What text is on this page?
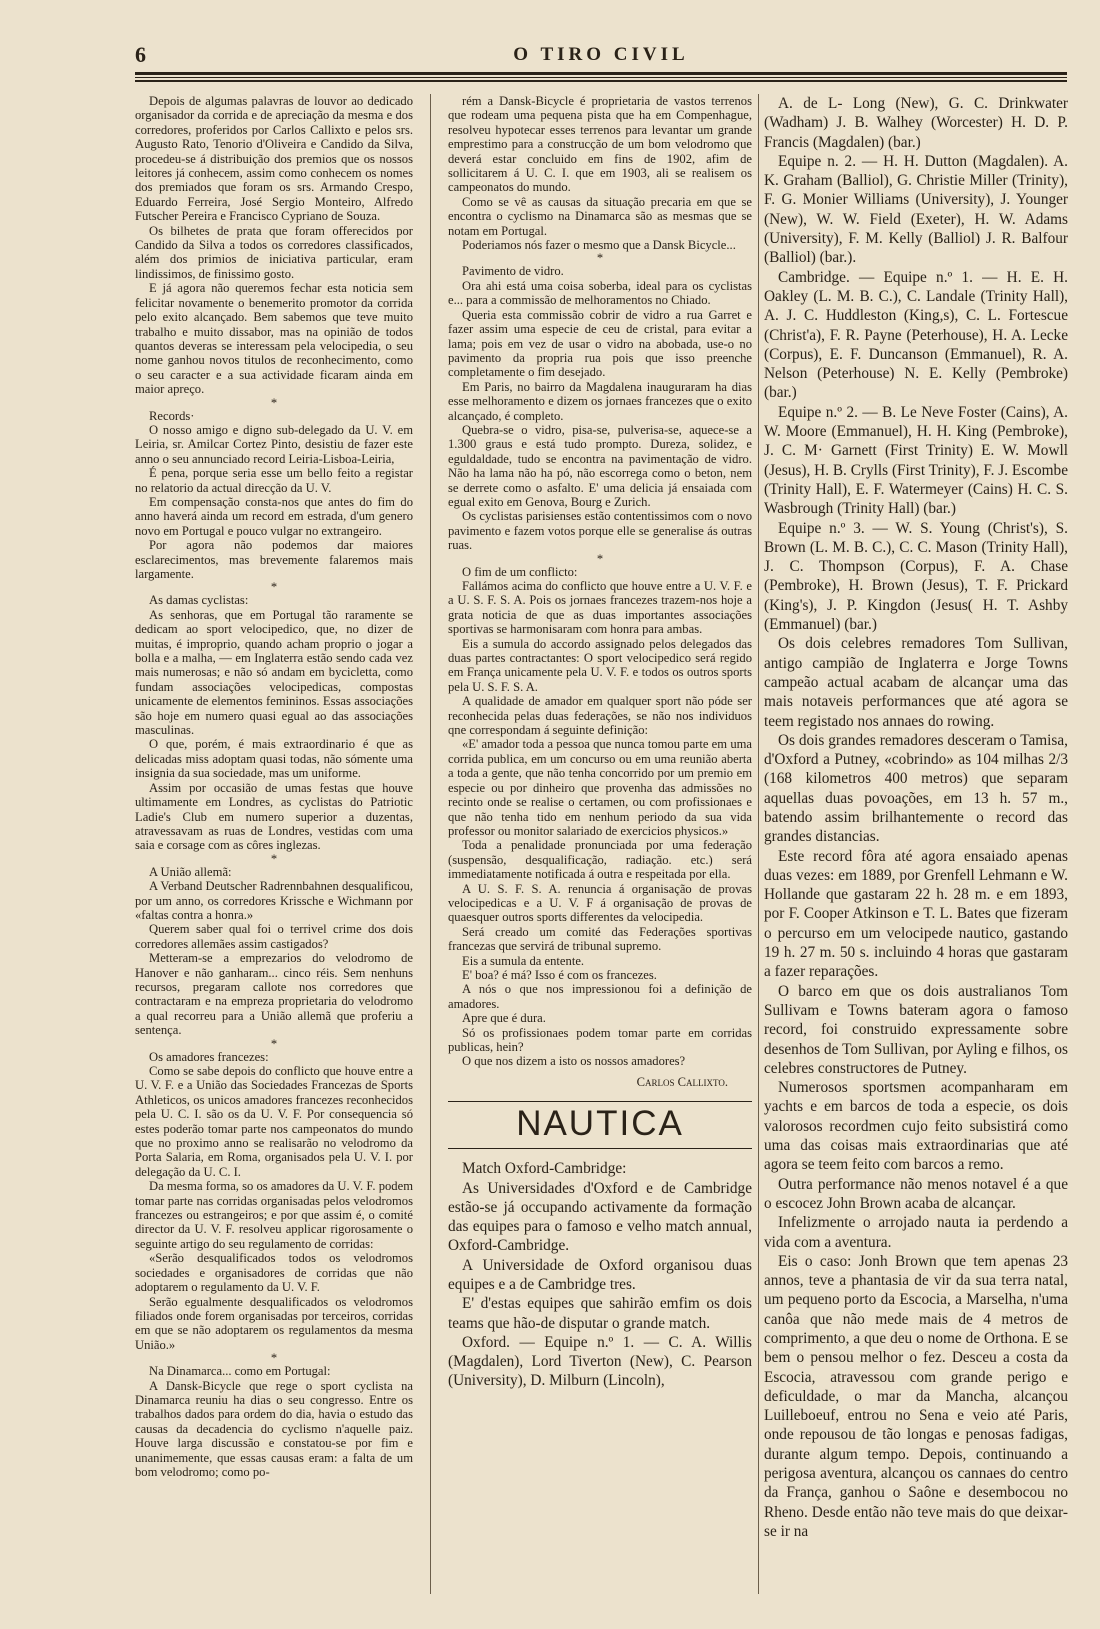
6	O TIRO CIVIL

Depois de algumas palavras de louvor ao dedicado organisador da corrida e de apreciação da mesma e dos corredores, proferidos por Carlos Callixto e pelos srs. Augusto Rato, Tenorio d'Oliveira e Candido da Silva, procedeu-se á distribuição dos premios que os nossos leitores já conhecem, assim como conhecem os nomes dos premiados que foram os srs. Armando Crespo, Eduardo Ferreira, José Sergio Monteiro, Alfredo Futscher Pereira e Francisco Cypriano de Souza.

Os bilhetes de prata que foram offerecidos por Candido da Silva a todos os corredores classificados, além dos primios de iniciativa particular, eram lindissimos, de finissimo gosto.

E já agora não queremos fechar esta noticia sem felicitar novamente o benemerito promotor da corrida pelo exito alcançado. Bem sabemos que teve muito trabalho e muito dissabor, mas na opinião de todos quantos deveras se interessam pela velocipedia, o seu nome ganhou novos titulos de reconhecimento, como o seu caracter e a sua actividade ficaram ainda em maior apreço.

*

Records·

O nosso amigo e digno sub-delegado da U. V. em Leiria, sr. Amilcar Cortez Pinto, desistiu de fazer este anno o seu annunciado record Leiria-Lisboa-Leiria,

É pena, porque seria esse um bello feito a registar no relatorio da actual direcção da U. V.

Em compensação consta-nos que antes do fim do anno haverá ainda um record em estrada, d'um genero novo em Portugal e pouco vulgar no extrangeiro.

Por agora não podemos dar maiores esclarecimentos, mas brevemente falaremos mais largamente.

*

As damas cyclistas:

As senhoras, que em Portugal tão raramente se dedicam ao sport velocipedico, que, no dizer de muitas, é improprio, quando acham proprio o jogar a bolla e a malha, — em Inglaterra estão sendo cada vez mais numerosas; e não só andam em bycicletta, como fundam associações velocipedicas, compostas unicamente de elementos femininos. Essas associações são hoje em numero quasi egual ao das associações masculinas.

O que, porém, é mais extraordinario é que as delicadas miss adoptam quasi todas, não sómente uma insignia da sua sociedade, mas um uniforme.

Assim por occasião de umas festas que houve ultimamente em Londres, as cyclistas do Patriotic Ladie's Club em numero superior a duzentas, atravessavam as ruas de Londres, vestidas com uma saia e corsage com as côres inglezas.

*

A União allemã:

A Verband Deutscher Radrennbahnen desqualificou, por um anno, os corredores Krissche e Wichmann por «faltas contra a honra.»

Querem saber qual foi o terrivel crime dos dois corredores allemães assim castigados?

Metteram-se a emprezarios do velodromo de Hanover e não ganharam... cinco réis. Sem nenhuns recursos, pregaram callote nos corredores que contractaram e na empreza proprietaria do velodromo a qual recorreu para a União allemã que proferiu a sentença.

*

Os amadores francezes:

Como se sabe depois do conflicto que houve entre a U. V. F. e a União das Sociedades Francezas de Sports Athleticos, os unicos amadores francezes reconhecidos pela U. C. I. são os da U. V. F. Por consequencia só estes poderão tomar parte nos campeonatos do mundo que no proximo anno se realisarão no velodromo da Porta Salaria, em Roma, organisados pela U. V. I. por delegação da U. C. I.

Da mesma forma, so os amadores da U. V. F. podem tomar parte nas corridas organisadas pelos velodromos francezes ou estrangeiros; e por que assim é, o comité director da U. V. F. resolveu applicar rigorosamente o seguinte artigo do seu regulamento de corridas:

«Serão desqualificados todos os velodromos sociedades e organisadores de corridas que não adoptarem o regulamento da U. V. F.

Serão egualmente desqualificados os velodromos filiados onde forem organisadas por terceiros, corridas em que se não adoptarem os regulamentos da mesma União.»

*

Na Dinamarca... como em Portugal:

A Dansk-Bicycle que rege o sport cyclista na Dinamarca reuniu ha dias o seu congresso. Entre os trabalhos dados para ordem do dia, havia o estudo das causas da decadencia do cyclismo n'aquelle paiz. Houve larga discussão e constatou-se por fim e unanimemente, que essas causas eram: a falta de um bom velodromo; como po-

rém a Dansk-Bicycle é proprietaria de vastos terrenos que rodeam uma pequena pista que ha em Compenhague, resolveu hypotecar esses terrenos para levantar um grande emprestimo para a construcção de um bom velodromo que deverá estar concluido em fins de 1902, afim de sollicitarem á U. C. I. que em 1903, ali se realisem os campeonatos do mundo.

Como se vê as causas da situação precaria em que se encontra o cyclismo na Dinamarca são as mesmas que se notam em Portugal.

Poderiamos nós fazer o mesmo que a Dansk Bicycle...

*

Pavimento de vidro.

Ora ahi está uma coisa soberba, ideal para os cyclistas e... para a commissão de melhoramentos no Chiado.

Queria esta commissão cobrir de vidro a rua Garret e fazer assim uma especie de ceu de cristal, para evitar a lama; pois em vez de usar o vidro na abobada, use-o no pavimento da propria rua pois que isso preenche completamente o fim desejado.

Em Paris, no bairro da Magdalena inauguraram ha dias esse melhoramento e dizem os jornaes francezes que o exito alcançado, é completo.

Quebra-se o vidro, pisa-se, pulverisa-se, aquece-se a 1.300 graus e está tudo prompto. Dureza, solidez, e eguldaldade, tudo se encontra na pavimentação de vidro. Não ha lama não ha pó, não escorrega como o beton, nem se derrete como o asfalto. E' uma delicia já ensaiada com egual exito em Genova, Bourg e Zurich.

Os cyclistas parisienses estão contentissimos com o novo pavimento e fazem votos porque elle se generalise ás outras ruas.

*

O fim de um conflicto:

Fallámos acima do conflicto que houve entre a U. V. F. e a U. S. F. S. A. Pois os jornaes francezes trazem-nos hoje a grata noticia de que as duas importantes associações sportivas se harmonisaram com honra para ambas.

Eis a sumula do accordo assignado pelos delegados das duas partes contractantes: O sport velocipedico será regido em França unicamente pela U. V. F. e todos os outros sports pela U. S. F. S. A.

A qualidade de amador em qualquer sport não póde ser reconhecida pelas duas federações, se não nos individuos qne correspondam á seguinte definição:

«E' amador toda a pessoa que nunca tomou parte em uma corrida publica, em um concurso ou em uma reunião aberta a toda a gente, que não tenha concorrido por um premio em especie ou por dinheiro que provenha das admissões no recinto onde se realise o certamen, ou com profissionaes e que não tenha tido em nenhum periodo da sua vida professor ou monitor salariado de exercicios physicos.»

Toda a penalidade pronunciada por uma federação (suspensão, desqualificação, radiação. etc.) será immediatamente notificada á outra e respeitada por ella.

A U. S. F. S. A. renuncia á organisação de provas velocipedicas e a U. V. F á organisação de provas de quaesquer outros sports differentes da velocipedia.

Será creado um comité das Federações sportivas francezas que servirá de tribunal supremo.

Eis a sumula da entente.

E' boa? é má? Isso é com os francezes.

A nós o que nos impressionou foi a definição de amadores.

Apre que é dura.

Só os profissionaes podem tomar parte em corridas publicas, hein?

O que nos dizem a isto os nossos amadores?

Carlos Callixto.

NAUTICA

Match Oxford-Cambridge:

As Universidades d'Oxford e de Cambridge estão-se já occupando activamente da formação das equipes para o famoso e velho match annual, Oxford-Cambridge.

A Universidade de Oxford organisou duas equipes e a de Cambridge tres.

E' d'estas equipes que sahirão emfim os dois teams que hão-de disputar o grande match.

Oxford. — Equipe n.º 1. — C. A. Willis (Magdalen), Lord Tiverton (New), C. Pearson (University), D. Milburn (Lincoln),

A. de L- Long (New), G. C. Drinkwater (Wadham) J. B. Walhey (Worcester) H. D. P. Francis (Magdalen) (bar.)

Equipe n. 2. — H. H. Dutton (Magdalen). A. K. Graham (Balliol), G. Christie Miller (Trinity), F. G. Monier Williams (University), J. Younger (New), W. W. Field (Exeter), H. W. Adams (University), F. M. Kelly (Balliol) J. R. Balfour (Balliol) (bar.).

Cambridge. — Equipe n.º 1. — H. E. H. Oakley (L. M. B. C.), C. Landale (Trinity Hall), A. J. C. Huddleston (King,s), C. L. Fortescue (Christ'a), F. R. Payne (Peterhouse), H. A. Lecke (Corpus), E. F. Duncanson (Emmanuel), R. A. Nelson (Peterhouse) N. E. Kelly (Pembroke) (bar.)

Equipe n.º 2. — B. Le Neve Foster (Cains), A. W. Moore (Emmanuel), H. H. King (Pembroke), J. C. M· Garnett (First Trinity) E. W. Mowll (Jesus), H. B. Crylls (First Trinity), F. J. Escombe (Trinity Hall), E. F. Watermeyer (Cains) H. C. S. Wasbrough (Trinity Hall) (bar.)

Equipe n.º 3. — W. S. Young (Christ's), S. Brown (L. M. B. C.), C. C. Mason (Trinity Hall), J. C. Thompson (Corpus), F. A. Chase (Pembroke), H. Brown (Jesus), T. F. Prickard (King's), J. P. Kingdon (Jesus( H. T. Ashby (Emmanuel) (bar.)

Os dois celebres remadores Tom Sullivan, antigo campião de Inglaterra e Jorge Towns campeão actual acabam de alcançar uma das mais notaveis performances que até agora se teem registado nos annaes do rowing.

Os dois grandes remadores desceram o Tamisa, d'Oxford a Putney, «cobrindo» as 104 milhas 2/3 (168 kilometros 400 metros) que separam aquellas duas povoações, em 13 h. 57 m., batendo assim brilhantemente o record das grandes distancias.

Este record fôra até agora ensaiado apenas duas vezes: em 1889, por Grenfell Lehmann e W. Hollande que gastaram 22 h. 28 m. e em 1893, por F. Cooper Atkinson e T. L. Bates que fizeram o percurso em um velocipede nautico, gastando 19 h. 27 m. 50 s. incluindo 4 horas que gastaram a fazer reparações.

O barco em que os dois australianos Tom Sullivam e Towns bateram agora o famoso record, foi construido expressamente sobre desenhos de Tom Sullivan, por Ayling e filhos, os celebres constructores de Putney.

Numerosos sportsmen acompanharam em yachts e em barcos de toda a especie, os dois valorosos recordmen cujo feito subsistirá como uma das coisas mais extraordinarias que até agora se teem feito com barcos a remo.

Outra performance não menos notavel é a que o escocez John Brown acaba de alcançar.

Infelizmente o arrojado nauta ia perdendo a vida com a aventura.

Eis o caso: Jonh Brown que tem apenas 23 annos, teve a phantasia de vir da sua terra natal, um pequeno porto da Escocia, a Marselha, n'uma canôa que não mede mais de 4 metros de comprimento, a que deu o nome de Orthona. E se bem o pensou melhor o fez. Desceu a costa da Escocia, atravessou com grande perigo e deficuldade, o mar da Mancha, alcançou Luilleboeuf, entrou no Sena e veio até Paris, onde repousou de tão longas e penosas fadigas, durante algum tempo. Depois, continuando a perigosa aventura, alcançou os cannaes do centro da França, ganhou o Saône e desembocou no Rheno. Desde então não teve mais do que deixar-se ir na
